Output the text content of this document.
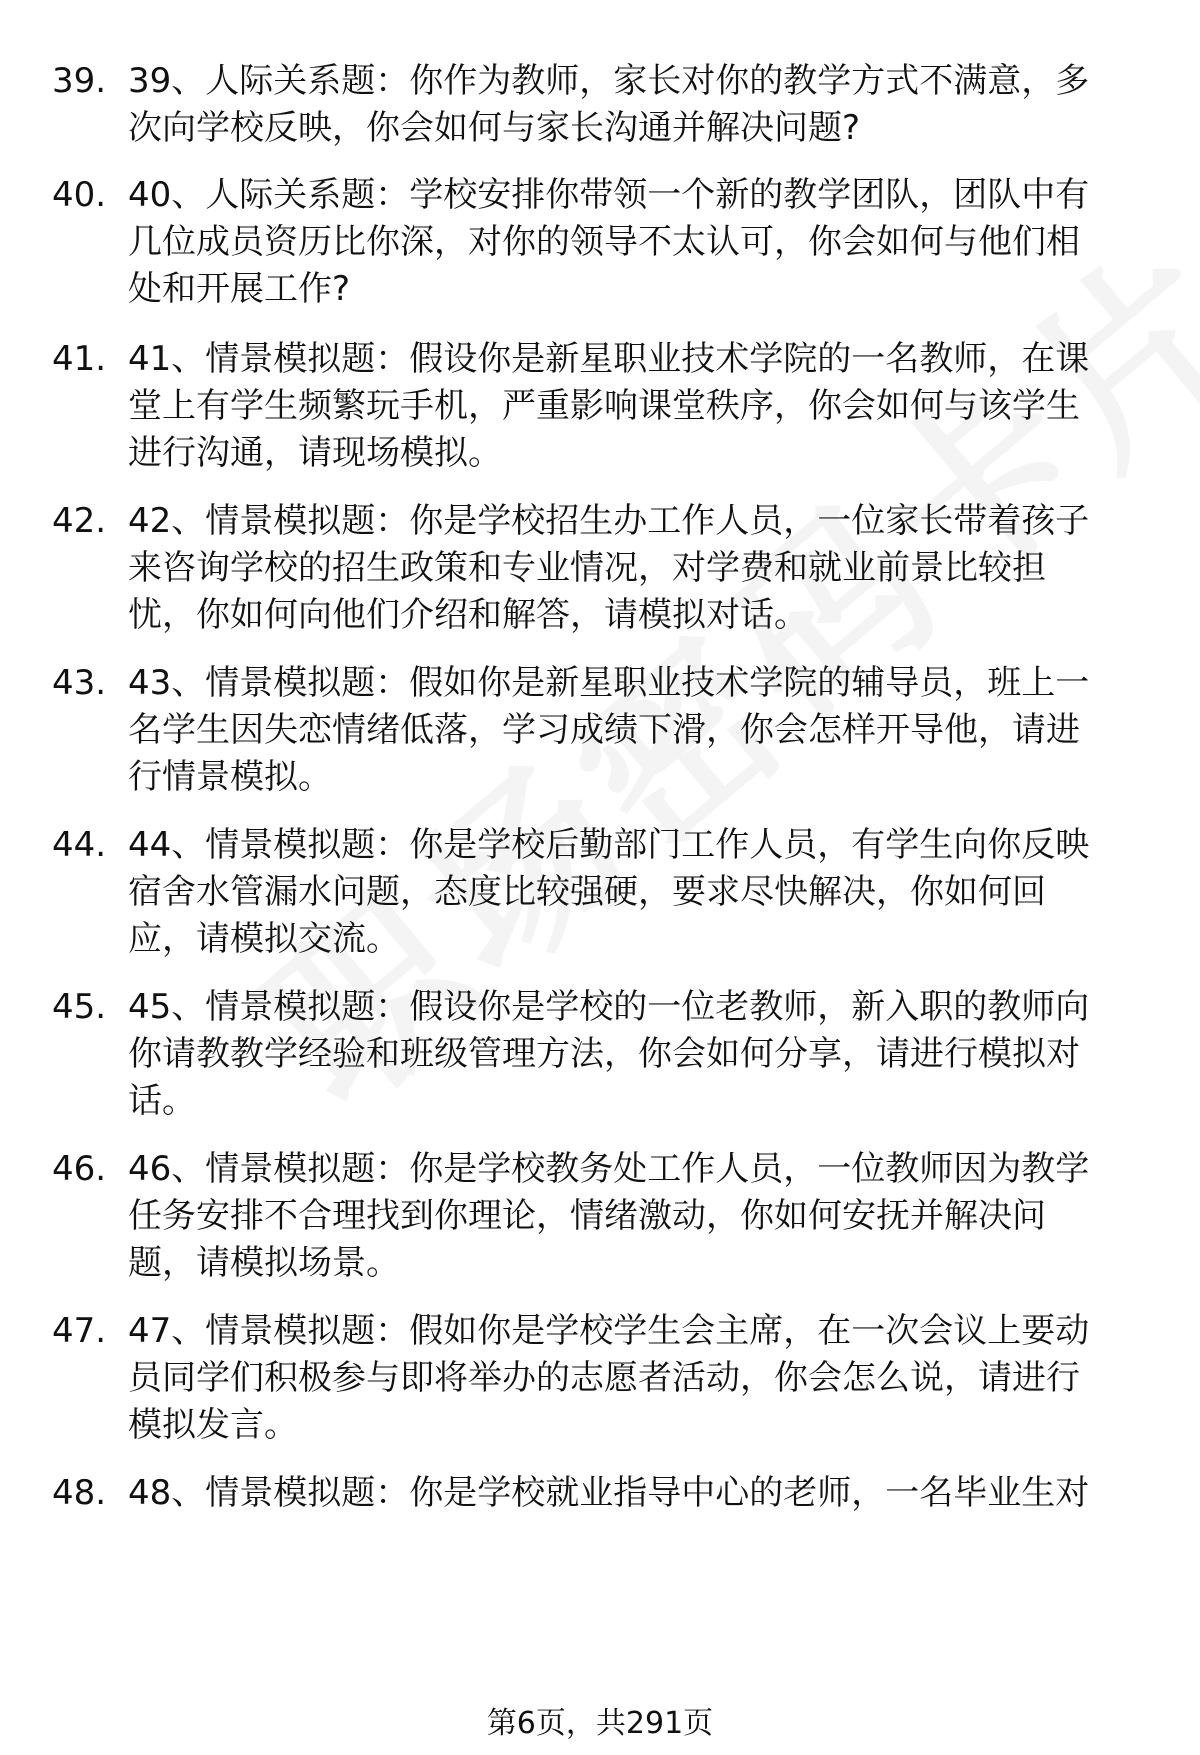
39. 39、人际关系题：你作为教师，家长对你的教学方式不满意，多
次向学校反映，你会如何与家长沟通并解决问题?
40. 40、人际关系题：学校安排你带领一个新的教学团队，团队中有
几位成员资历比你深，对你的领导不太认可，你会如何与他们相
处和开展工作?
41. 41、情景模拟题：假设你是新星职业技术学院的一名教师，在课
堂上有学生频繁玩手机，严重影响课堂秩序，你会如何与该学生
进行沟通，请现场模拟。
42. 42、情景模拟题：你是学校招生办工作人员，一位家长带着孩子
来咨询学校的招生政策和专业情况，对学费和就业前景比较担
忧，你如何向他们介绍和解答，请模拟对话。
43. 43、情景模拟题：假如你是新星职业技术学院的辅导员，班上一
名学生因失恋情绪低落，学习成绩下滑，你会怎样开导他，请进
行情景模拟。
44. 44、情景模拟题：你是学校后勤部门工作人员，有学生向你反映
宿舍水管漏水问题，态度比较强硬，要求尽快解决，你如何回
应，请模拟交流。
45. 45、情景模拟题：假设你是学校的一位老教师，新入职的教师向
你请教教学经验和班级管理方法，你会如何分享，请进行模拟对
话。
46. 46、情景模拟题：你是学校教务处工作人员，一位教师因为教学
任务安排不合理找到你理论，情绪激动，你如何安抚并解决问
题，请模拟场景。
47. 47、情景模拟题：假如你是学校学生会主席，在一次会议上要动
员同学们积极参与即将举办的志愿者活动，你会怎么说，请进行
模拟发言。
48. 48、情景模拟题：你是学校就业指导中心的老师，一名毕业生对
第6页，共291页
